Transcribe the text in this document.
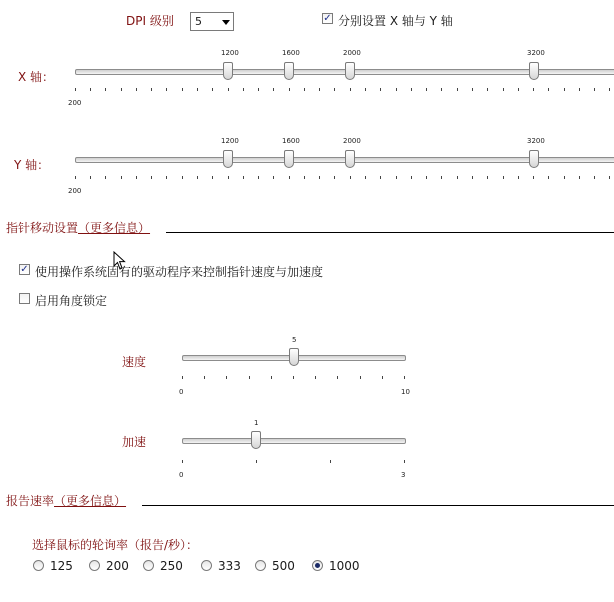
DPI 级别	5	✓ 分别设置 X 轴与 Y 轴
X 轴：
1200	1600	2000	3200
200
Y 轴：
1200	1600	2000	3200
200
指针移动设置（更多信息）
✓ 使用操作系统固有的驱动程序来控制指针速度与加速度
启用角度锁定
速度
5
0	10
加速
1
0	3
报告速率（更多信息）
选择鼠标的轮询率（报告/秒）：
125	200	250	333	500	1000
